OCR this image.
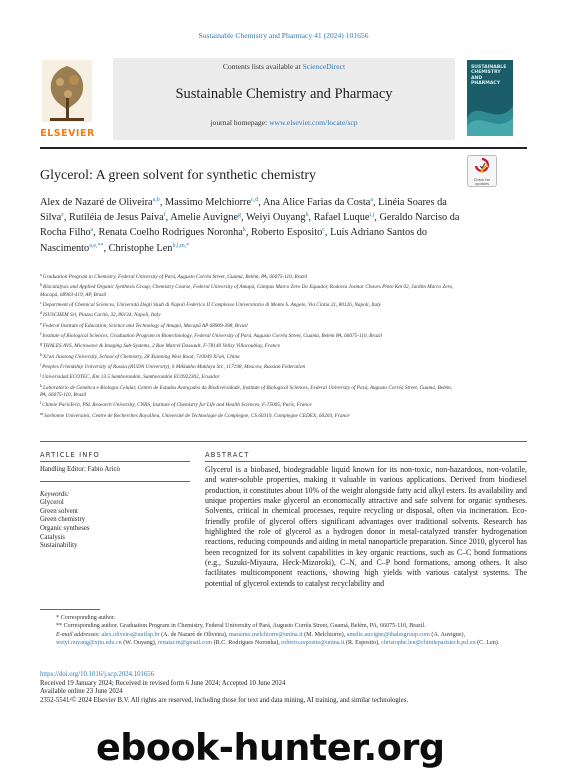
Sustainable Chemistry and Pharmacy 41 (2024) 101656
ELSEVIER
Contents lists available at ScienceDirect
Sustainable Chemistry and Pharmacy
journal homepage: www.elsevier.com/locate/scp
SUSTAINABLE CHEMISTRY AND PHARMACY
Check for
updates
Glycerol: A green solvent for synthetic chemistry
Alex de Nazaré de Oliveira$^{a,b}$, Massimo Melchiorre$^{c,d}$, Ana Alice Farias da Costa$^a$, Linéia Soares da Silva$^e$, Rutiléia de Jesus Paiva$^f$, Amelie Auvigne$^g$, Weiyi Ouyang$^h$, Rafael Luque$^{i,j}$, Geraldo Narciso da Rocha Filho$^a$, Renata Coelho Rodrigues Noronha$^k$, Roberto Esposito$^c$, Luís Adriano Santos do Nascimento$^{a,e,**}$, Christophe Len$^{b,l,m,*}$
$^a$Graduation Program in Chemistry, Federal University of Pará, Augusto Corrêa Street, Guamá, Belém, PA, 66075-110, Brazil
$^b$Biocatalysis and Applied Organic Synthesis Group, Chemistry Course, Federal University of Amapá, Campus Marco Zero Do Equador, Rodovia Josmar Chaves Pinto Km 02, Jardim Marco Zero, Macapá, 68903-419, AP, Brazil
$^c$Department of Chemical Sciences, Università Degli Studi di Napoli Federico II Complesso Universitario di Monte S. Angelo, Via Cintia 21, 80126, Napoli, Italy
$^d$ISUSCHEM Srl, Piazza Carità, 32, 80134, Napoli, Italy
$^e$Federal Institute of Education, Science and Technology of Amapá, Macapá AP 68909-398, Brazil
$^f$Institute of Biological Sciences, Graduation Program in Biotechnology, Federal University of Pará, Augusto Corrêa Street, Guamá, Belém PA, 66075-110, Brazil
$^g$THALES AVS, Microwave & Imaging Sub-Systems, 2 Rue Marcel Dassault, F-78140 Velizy Villacoublay, France
$^h$Xi'an Jiaotong University, School of Chemistry, 28 Xianning West Road, 710049 Xi'an, China
$^i$Peoples Friendship University of Russia (RUDN University), 6 Miklukho Maklaya Str., 117198, Moscow, Russian Federation
$^j$Universidad ECOTEC, Km 13.5 Samborondón, Samborondón EC0922302, Ecuador
$^k$Laboratório de Genética e Biologia Celular, Centro de Estudos Avançados da Biodiversidade, Institute of Biological Sciences, Federal University of Pará, Augusto Corrêa Street, Guamá, Belém, PA, 66075-110, Brazil
$^l$Chimie ParisTech, PSL Research University, CNRS, Institute of Chemistry for Life and Health Sciences, F-75005, Paris, France
$^m$Sorbonne Universités, Centre de Recherches Royallieu, Université de Technologie de Compiegne, CS 60319, Compiegne CEDEX, 60203, France
ARTICLE INFO	ABSTRACT
Handling Editor: Fabio Aricò
Keywords:
Glycerol
Green solvent
Green chemistry
Organic syntheses
Catalysis
Sustainability
Glycerol is a biobased, biodegradable liquid known for its non-toxic, non-hazardous, non-volatile, and water-soluble properties, making it valuable in various applications. Derived from biodiesel production, it constitutes about 10% of the weight alongside fatty acid alkyl esters. Its availability and unique properties make glycerol an economically attractive and safe solvent for organic syntheses. Solvents, critical in chemical processes, require recycling or disposal, often via incineration. Eco-friendly profile of glycerol offers significant advantages over traditional solvents. Research has highlighted the role of glycerol as a hydrogen donor in metal-catalyzed transfer hydrogenation reactions, reducing compounds and aiding in metal nanoparticle preparation. Since 2010, glycerol has been recognized for its solvent capabilities in key organic reactions, such as C–C bond formations (e.g., Suzuki-Miyaura, Heck-Mizoroki), C–N, and C–P bond formations, among others. It also facilitates multicomponent reactions, showing high yields with various catalyst systems. The potential of glycerol extends to catalyst recyclability and
* Corresponding author.
** Corresponding author. Graduation Program in Chemistry, Federal University of Pará, Augusto Corrêa Street, Guamá, Belém, PA, 66075-110, Brazil.
E-mail addresses: alex.oliveira@unifap.br (A. de Nazaré de Oliveira), massimo.melchiorre@unina.it (M. Melchiorre), amelie.auvigne@thalesgroup.com (A. Auvigne), weiyi.ouyang@xjtu.edu.cn (W. Ouyang), renatacrn@gmail.com (R.C. Rodrigues Noronha), roberto.esposito@unina.it (R. Esposito), christophe.len@chimieparistech.psl.eu (C. Len).
https://doi.org/10.1016/j.scp.2024.101656
Received 19 January 2024; Received in revised form 6 June 2024; Accepted 10 June 2024
Available online 23 June 2024
2352-5541/© 2024 Elsevier B.V. All rights are reserved, including those for text and data mining, AI training, and similar technologies.
ebook-hunter.org
